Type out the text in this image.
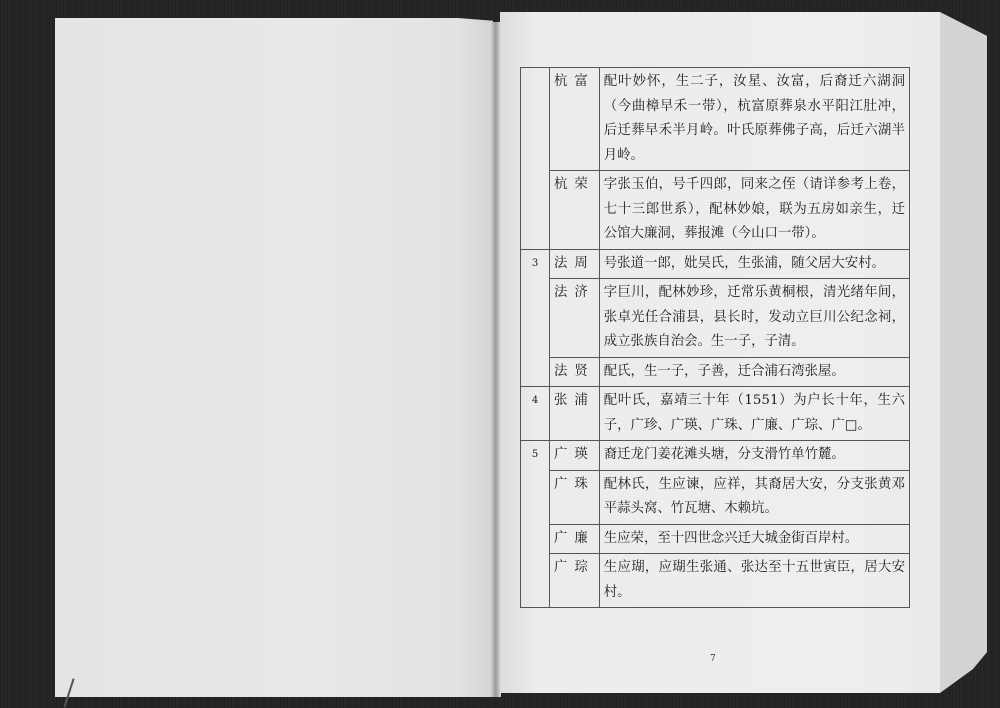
	杭富	配叶妙怀，生二子，汝星、汝富，后裔迁六湖洞（今曲樟早禾一带），杭富原葬泉水平阳江肚冲，后迁葬早禾半月岭。叶氏原葬佛子高，后迁六湖半月岭。
	杭荣	字张玉伯，号千四郎，同来之侄（请详参考上卷，七十三郎世系），配林妙娘，联为五房如亲生，迁公馆大廉洞，葬报滩（今山口一带）。
3	法周	号张道一郎，妣吴氏，生张浦，随父居大安村。
	法济	字巨川，配林妙珍，迁常乐黄桐根，清光绪年间，张卓光任合浦县，县长时，发动立巨川公纪念祠，成立张族自治会。生一子，子清。
	法贤	配氏，生一子，子善，迁合浦石湾张屋。
4	张浦	配叶氏，嘉靖三十年（1551）为户长十年，生六子，广珍、广瑛、广珠、广廉、广琮、广□。
5	广瑛	裔迁龙门姜花滩头塘，分支滑竹单竹麓。
	广珠	配林氏，生应谏，应祥，其裔居大安，分支张黄邓平蒜头窝、竹瓦塘、木赖坑。
	广廉	生应荣，至十四世念兴迁大城金街百岸村。
	广琮	生应瑚，应瑚生张通、张达至十五世寅臣，居大安村。
7
